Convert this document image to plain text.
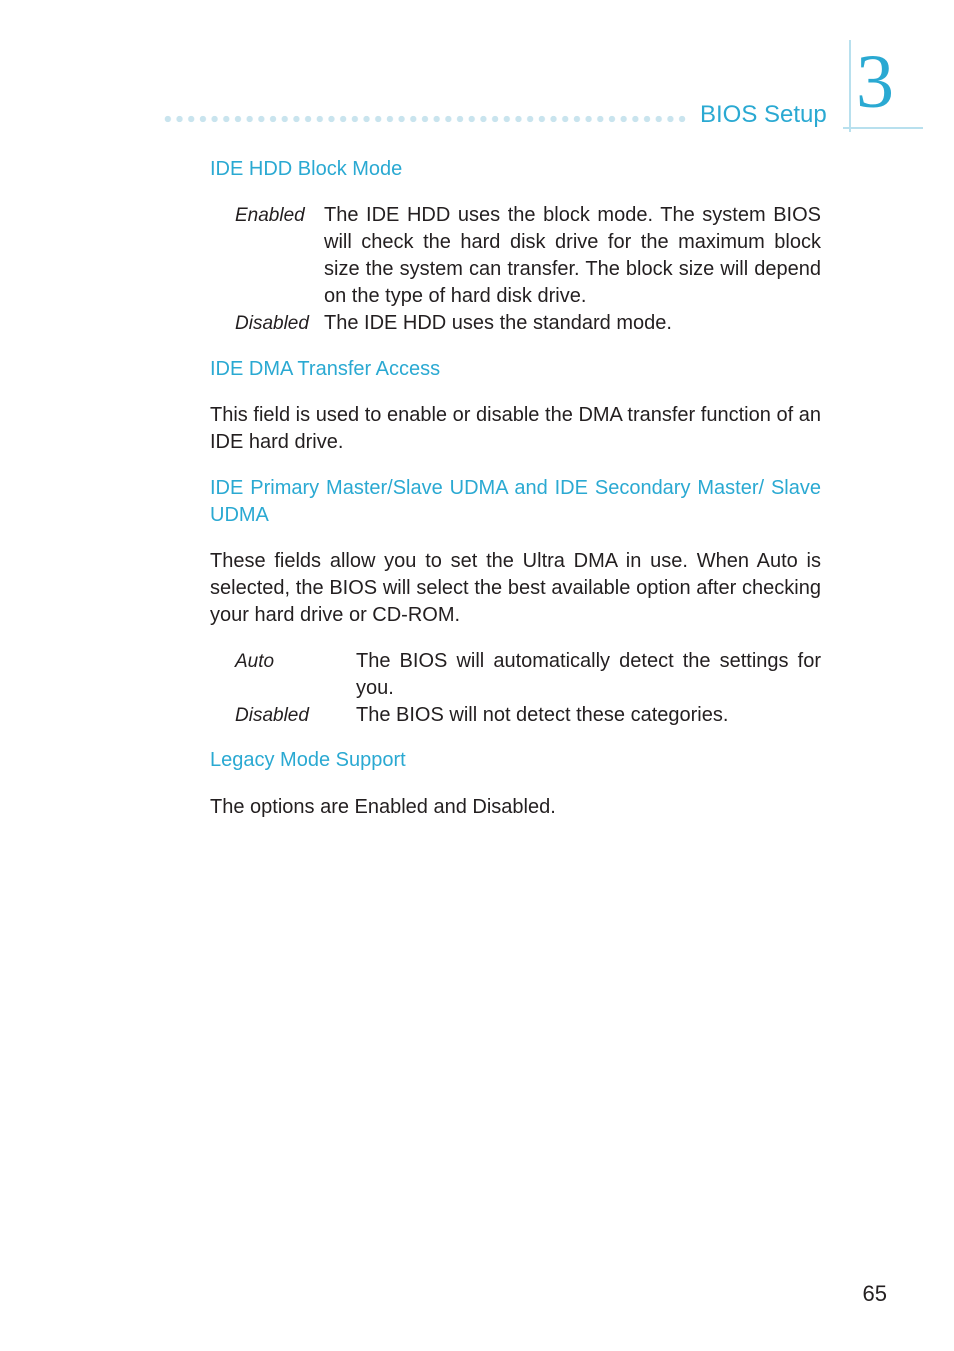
BIOS Setup 3
IDE HDD Block Mode
Enabled The IDE HDD uses the block mode. The system BIOS will check the hard disk drive for the maximum block size the system can transfer. The block size will depend on the type of hard disk drive.
Disabled The IDE HDD uses the standard mode.
IDE DMA Transfer Access

This field is used to enable or disable the DMA transfer function of an IDE hard drive.

IDE Primary Master/Slave UDMA and IDE Secondary Master/ Slave UDMA

These fields allow you to set the Ultra DMA in use. When Auto is selected, the BIOS will select the best available option after checking your hard drive or CD-ROM.

Auto	The BIOS will automatically detect the settings for you.
Disabled The BIOS will not detect these categories.
Legacy Mode Support

The options are Enabled and Disabled.

65
